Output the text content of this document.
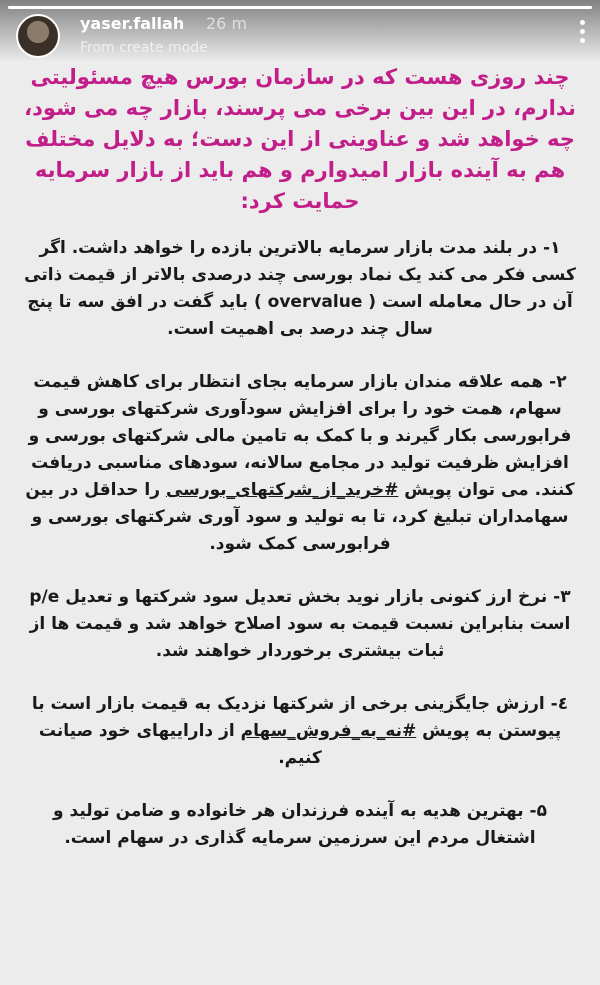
yaser.fallah 26 m
From create mode

چند روزی هست که در سازمان بورس هیچ مسئولیتی ندارم، در این بین برخی می پرسند، بازار چه می شود، چه خواهد شد و عناوینی از این دست؛ به دلایل مختلف هم به آینده بازار امیدوارم و هم باید از بازار سرمایه حمایت کرد:

۱- در بلند مدت بازار سرمایه بالاترین بازده را خواهد داشت. اگر کسی فکر می کند یک نماد بورسی چند درصدی بالاتر از قیمت ذاتی آن در حال معامله است ( overvalue ) باید گفت در افق سه تا پنج سال چند درصد بی اهمیت است.

۲- همه علاقه مندان بازار سرمایه بجای انتظار برای کاهش قیمت سهام، همت خود را برای افزایش سودآوری شرکتهای بورسی و فرابورسی بکار گیرند و با کمک به تامین مالی شرکتهای بورسی و افزایش ظرفیت تولید در مجامع سالانه، سودهای مناسبی دریافت کنند. می توان پویش #خرید_از_شرکتهای_بورسی را حداقل در بین سهامداران تبلیغ کرد، تا به تولید و سود آوری شرکتهای بورسی و فرابورسی کمک شود.

۳- نرخ ارز کنونی بازار نوید بخش تعدیل سود شرکتها و تعدیل p/e است بنابراین نسبت قیمت به سود اصلاح خواهد شد و قیمت ها از ثبات بیشتری برخوردار خواهند شد.

٤- ارزش جایگزینی برخی از شرکتها نزدیک به قیمت بازار است با پیوستن به پویش #نه_به_فروش_سهام از داراییهای خود صیانت کنیم.

۵- بهترین هدیه به آینده فرزندان هر خانواده و ضامن تولید و اشتغال مردم این سرزمین سرمایه گذاری در سهام است.
